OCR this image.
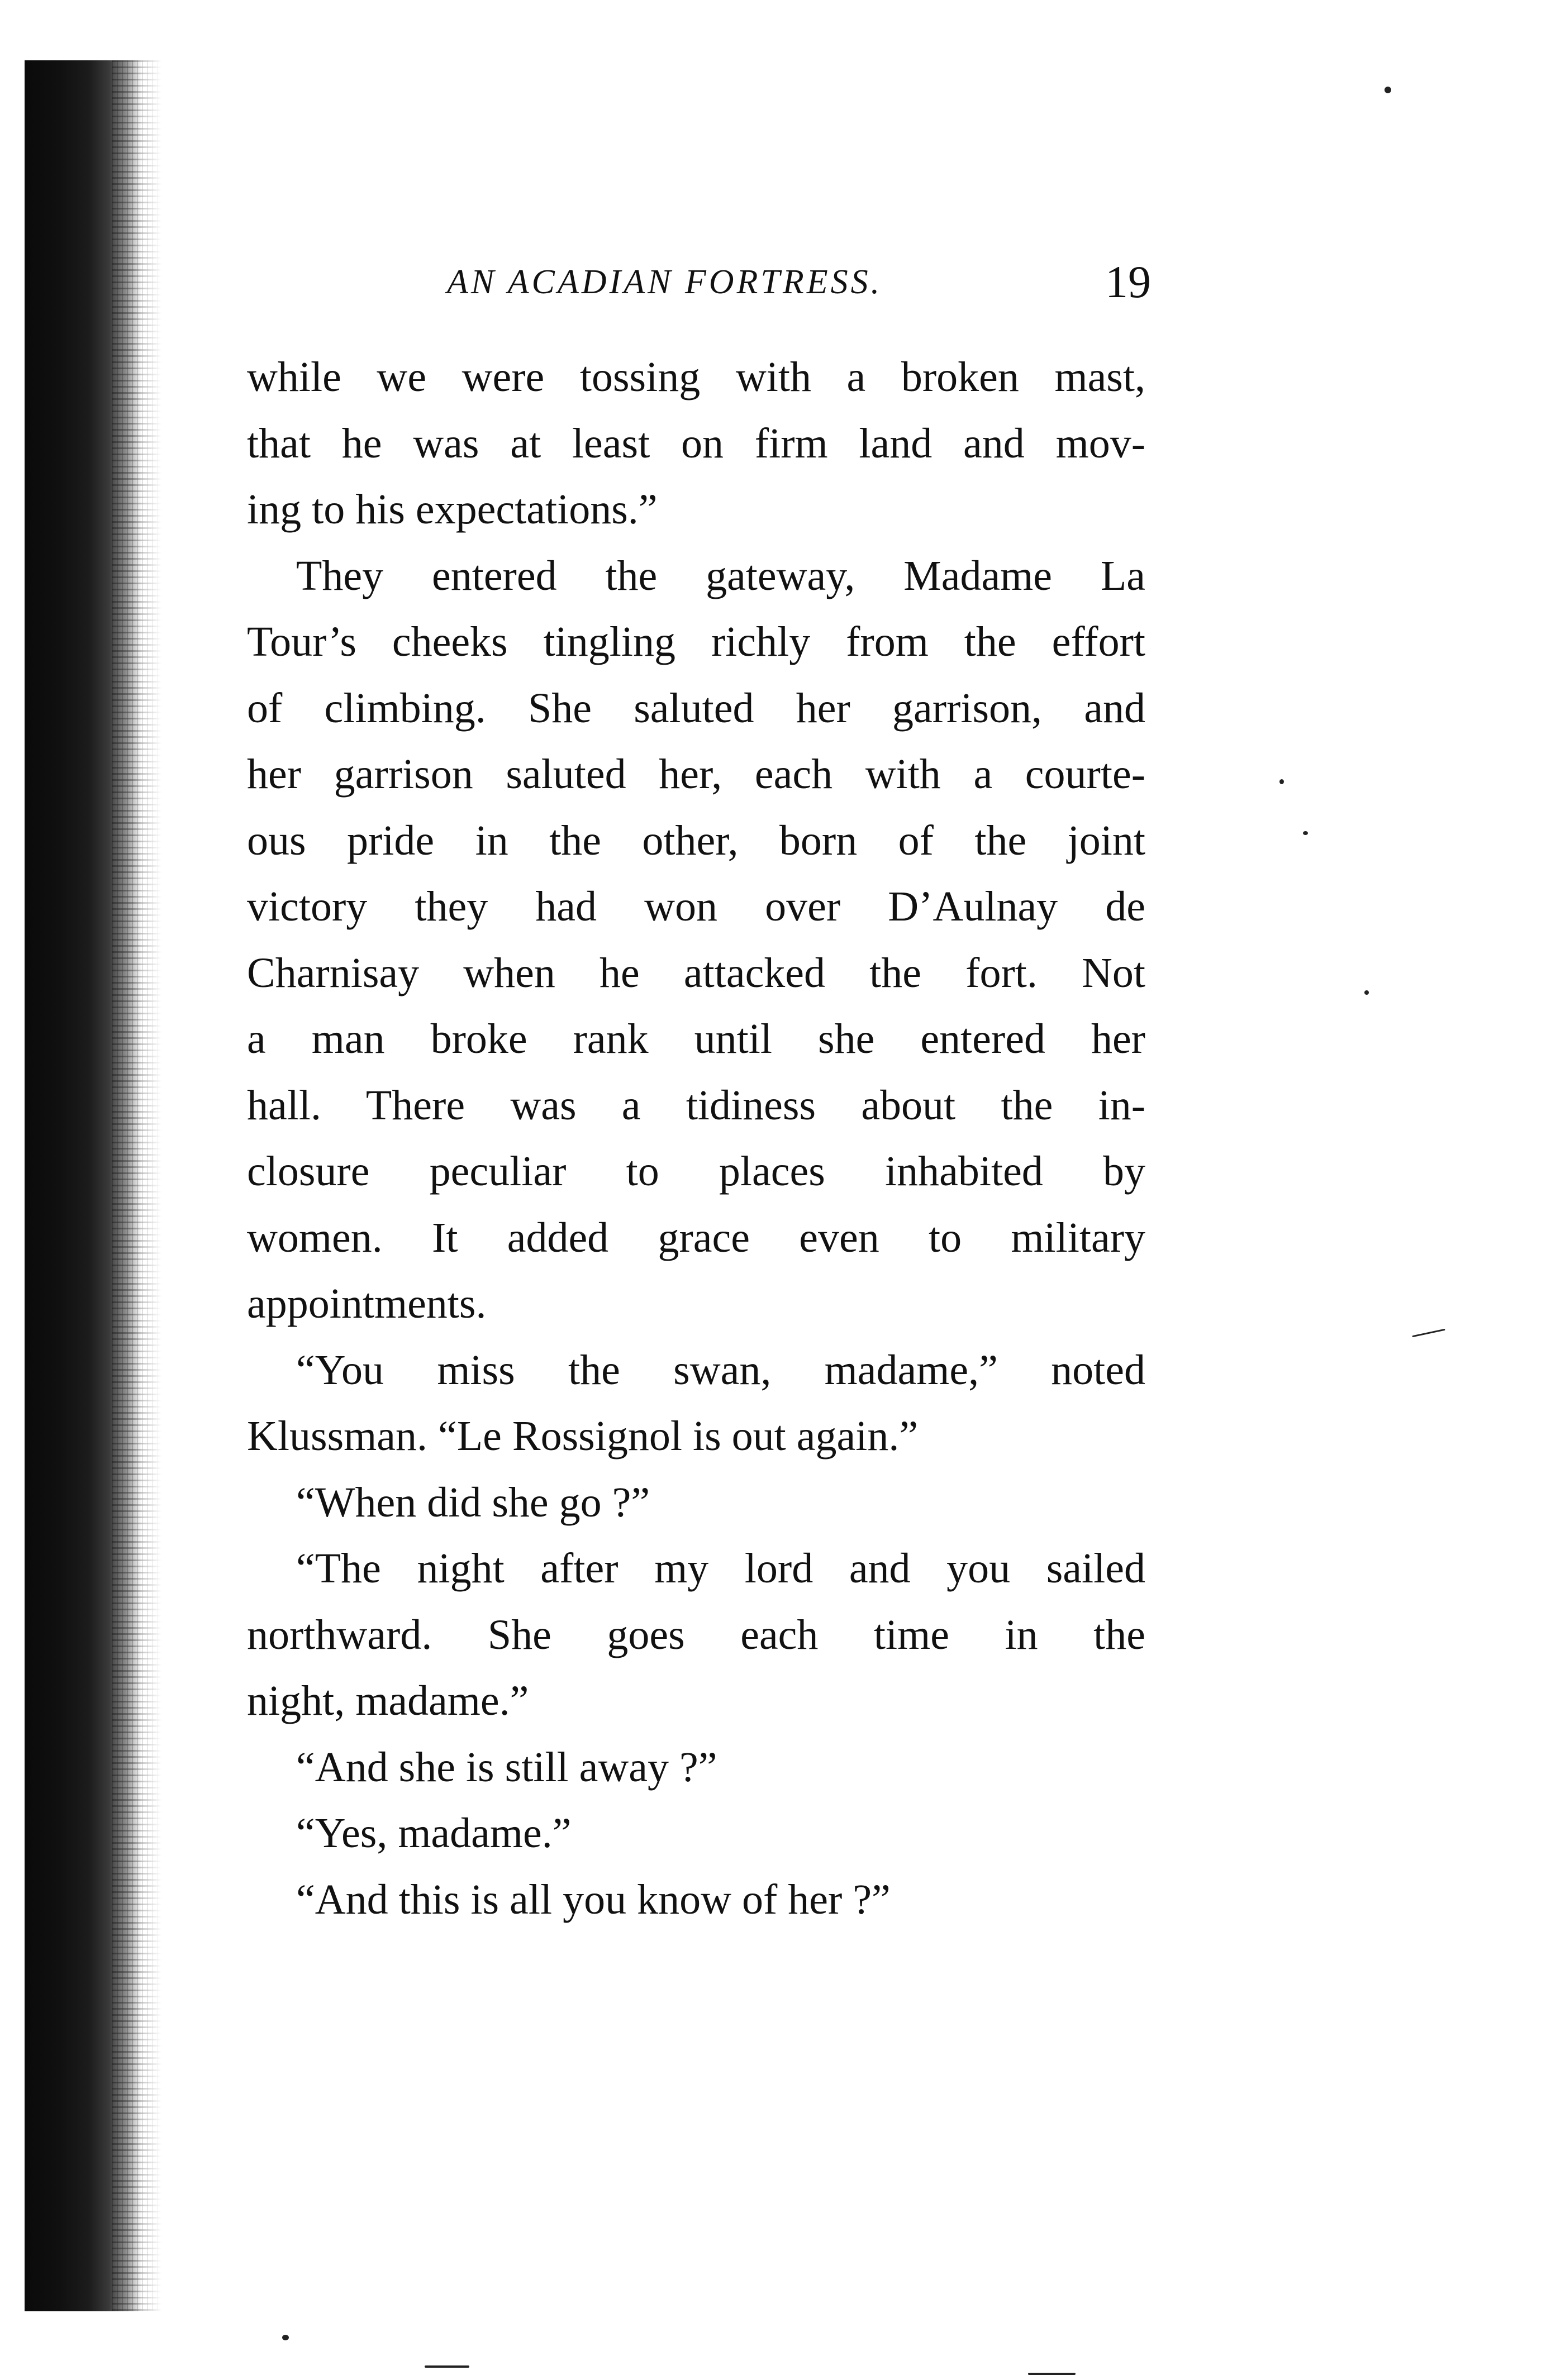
AN ACADIAN FORTRESS.	19
while we were tossing with a broken mast,
that he was at least on firm land and mov-
ing to his expectations.”
They entered the gateway, Madame La
Tour’s cheeks tingling richly from the effort
of climbing. She saluted her garrison, and
her garrison saluted her, each with a courte-
ous pride in the other, born of the joint
victory they had won over D’Aulnay de
Charnisay when he attacked the fort. Not
a man broke rank until she entered her
hall. There was a tidiness about the in-
closure peculiar to places inhabited by
women. It added grace even to military
appointments.
“You miss the swan, madame,” noted
Klussman. “Le Rossignol is out again.”
“When did she go ?”
“The night after my lord and you sailed
northward. She goes each time in the
night, madame.”
“And she is still away ?”
“Yes, madame.”
“And this is all you know of her ?”
